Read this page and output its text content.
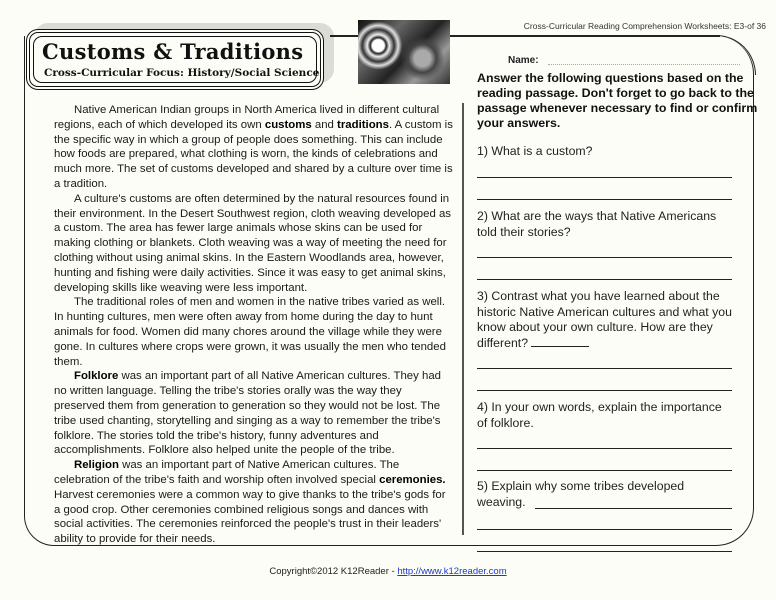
Customs & Traditions
Cross-Curricular Focus: History/Social Science
Cross-Curricular Reading Comprehension Worksheets: E3-of 36

Native American Indian groups in North America lived in different cultural regions, each of which developed its own customs and traditions. A custom is the specific way in which a group of people does something. This can include how foods are prepared, what clothing is worn, the kinds of celebrations and much more. The set of customs developed and shared by a culture over time is a tradition.

A culture's customs are often determined by the natural resources found in their environment. In the Desert Southwest region, cloth weaving developed as a custom. The area has fewer large animals whose skins can be used for making clothing or blankets. Cloth weaving was a way of meeting the need for clothing without using animal skins. In the Eastern Woodlands area, however, hunting and fishing were daily activities. Since it was easy to get animal skins, developing skills like weaving were less important.

The traditional roles of men and women in the native tribes varied as well. In hunting cultures, men were often away from home during the day to hunt animals for food. Women did many chores around the village while they were gone. In cultures where crops were grown, it was usually the men who tended them.

Folklore was an important part of all Native American cultures. They had no written language. Telling the tribe's stories orally was the way they preserved them from generation to generation so they would not be lost. The tribe used chanting, storytelling and singing as a way to remember the tribe's folklore. The stories told the tribe's history, funny adventures and accomplishments. Folklore also helped unite the people of the tribe.

Religion was an important part of Native American cultures. The celebration of the tribe's faith and worship often involved special ceremonies. Harvest ceremonies were a common way to give thanks to the tribe's gods for a good crop. Other ceremonies combined religious songs and dances with social activities. The ceremonies reinforced the people's trust in their leaders' ability to provide for their needs.

Name:
Answer the following questions based on the reading passage. Don't forget to go back to the passage whenever necessary to find or confirm your answers.
1) What is a custom?
2) What are the ways that Native Americans told their stories?
3) Contrast what you have learned about the historic Native American cultures and what you know about your own culture. How are they different?
4) In your own words, explain the importance of folklore.
5) Explain why some tribes developed weaving.
Copyright©2012 K12Reader - http://www.k12reader.com
